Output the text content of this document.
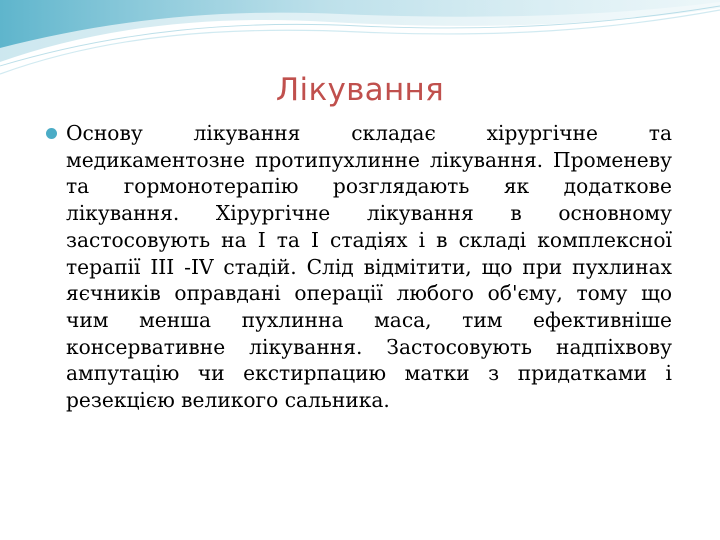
Лікування
Основу лікування складає хірургічне та медикаментозне протипухлинне лікування. Променеву та гормонотерапію розглядають як додаткове лікування. Хірургічне лікування в основному застосовують на I та I стадіях і в складі комплексної терапії III -IV стадій. Слід відмітити, що при пухлинах яєчників оправдані операції любого об'єму, тому що чим менша пухлинна маса, тим ефективніше консервативне лікування. Застосовують надпіхвову ампутацію чи екстирпацию матки з придатками і резекцією великого сальника.
